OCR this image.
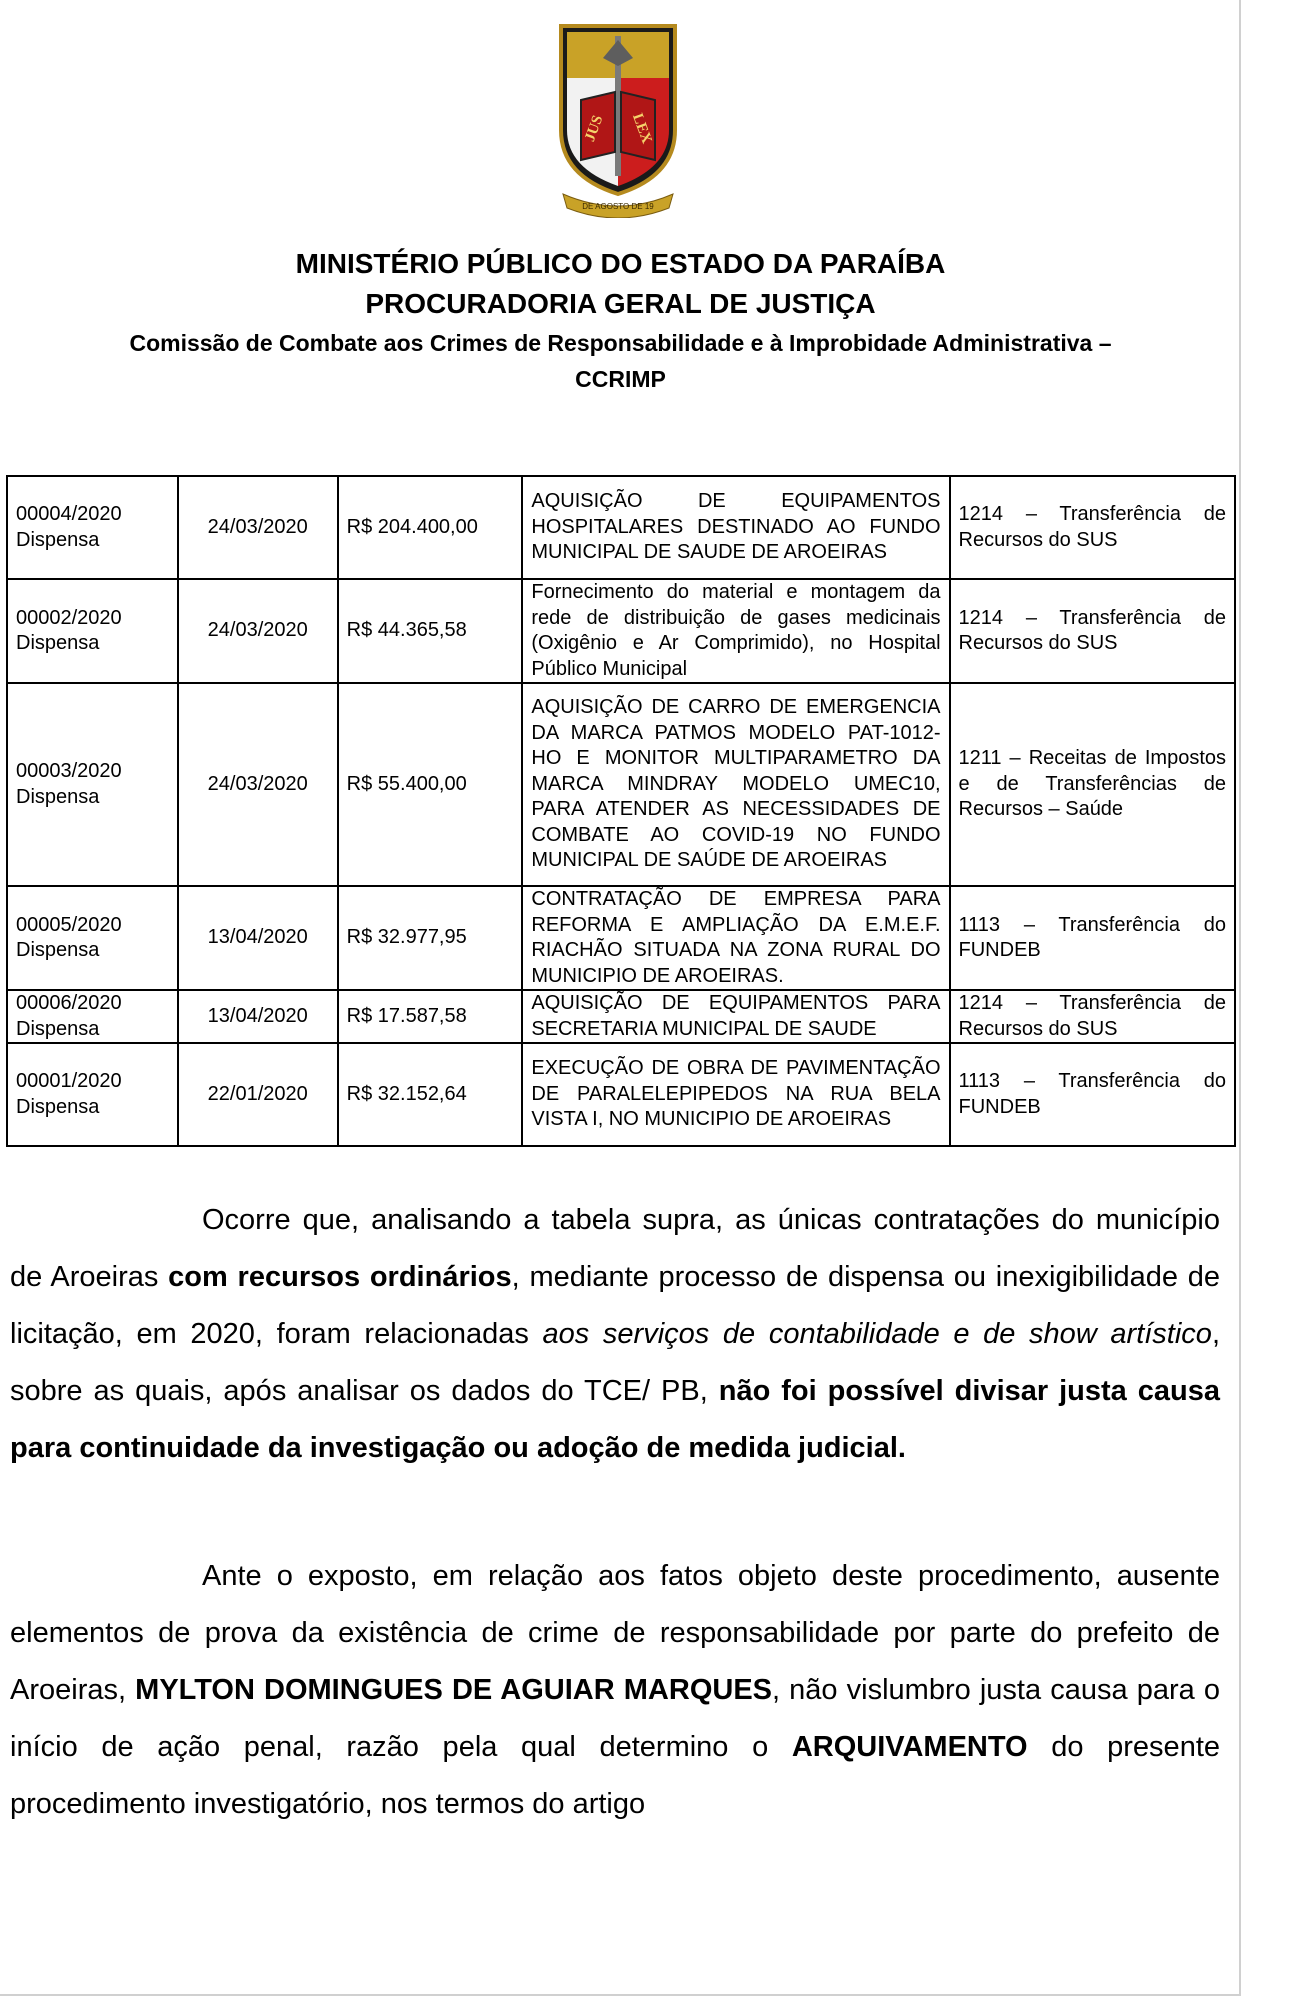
JUS LEX
DE AGOSTO DE 19
MINISTÉRIO PÚBLICO DO ESTADO DA PARAÍBA
PROCURADORIA GERAL DE JUSTIÇA
Comissão de Combate aos Crimes de Responsabilidade e à Improbidade Administrativa –
CCRIMP
00004/2020
Dispensa	24/03/2020	R$ 204.400,00	AQUISIÇÃO DE EQUIPAMENTOS HOSPITALARES DESTINADO AO FUNDO MUNICIPAL DE SAUDE DE AROEIRAS	1214 – Transferência de Recursos do SUS
00002/2020
Dispensa	24/03/2020	R$ 44.365,58	Fornecimento do material e montagem da rede de distribuição de gases medicinais (Oxigênio e Ar Comprimido), no Hospital Público Municipal	1214 – Transferência de Recursos do SUS
00003/2020
Dispensa	24/03/2020	R$ 55.400,00	AQUISIÇÃO DE CARRO DE EMERGENCIA DA MARCA PATMOS MODELO PAT-1012-HO E MONITOR MULTIPARAMETRO DA MARCA MINDRAY MODELO UMEC10, PARA ATENDER AS NECESSIDADES DE COMBATE AO COVID-19 NO FUNDO MUNICIPAL DE SAÚDE DE AROEIRAS	1211 – Receitas de Impostos e de Transferências de Recursos – Saúde
00005/2020
Dispensa	13/04/2020	R$ 32.977,95	CONTRATAÇÃO DE EMPRESA PARA REFORMA E AMPLIAÇÃO DA E.M.E.F. RIACHÃO SITUADA NA ZONA RURAL DO MUNICIPIO DE AROEIRAS.	1113 – Transferência do FUNDEB
00006/2020
Dispensa	13/04/2020	R$ 17.587,58	AQUISIÇÃO DE EQUIPAMENTOS PARA SECRETARIA MUNICIPAL DE SAUDE	1214 – Transferência de Recursos do SUS
00001/2020
Dispensa	22/01/2020	R$ 32.152,64	EXECUÇÃO DE OBRA DE PAVIMENTAÇÃO DE PARALELEPIPEDOS NA RUA BELA VISTA I, NO MUNICIPIO DE AROEIRAS	1113 – Transferência do FUNDEB
Ocorre que, analisando a tabela supra, as únicas contratações do município de Aroeiras com recursos ordinários, mediante processo de dispensa ou inexigibilidade de licitação, em 2020, foram relacionadas aos serviços de contabilidade e de show artístico, sobre as quais, após analisar os dados do TCE/ PB, não foi possível divisar justa causa para continuidade da investigação ou adoção de medida judicial.
Ante o exposto, em relação aos fatos objeto deste procedimento, ausente elementos de prova da existência de crime de responsabilidade por parte do prefeito de Aroeiras, MYLTON DOMINGUES DE AGUIAR MARQUES, não vislumbro justa causa para o início de ação penal, razão pela qual determino o ARQUIVAMENTO do presente procedimento investigatório, nos termos do artigo
